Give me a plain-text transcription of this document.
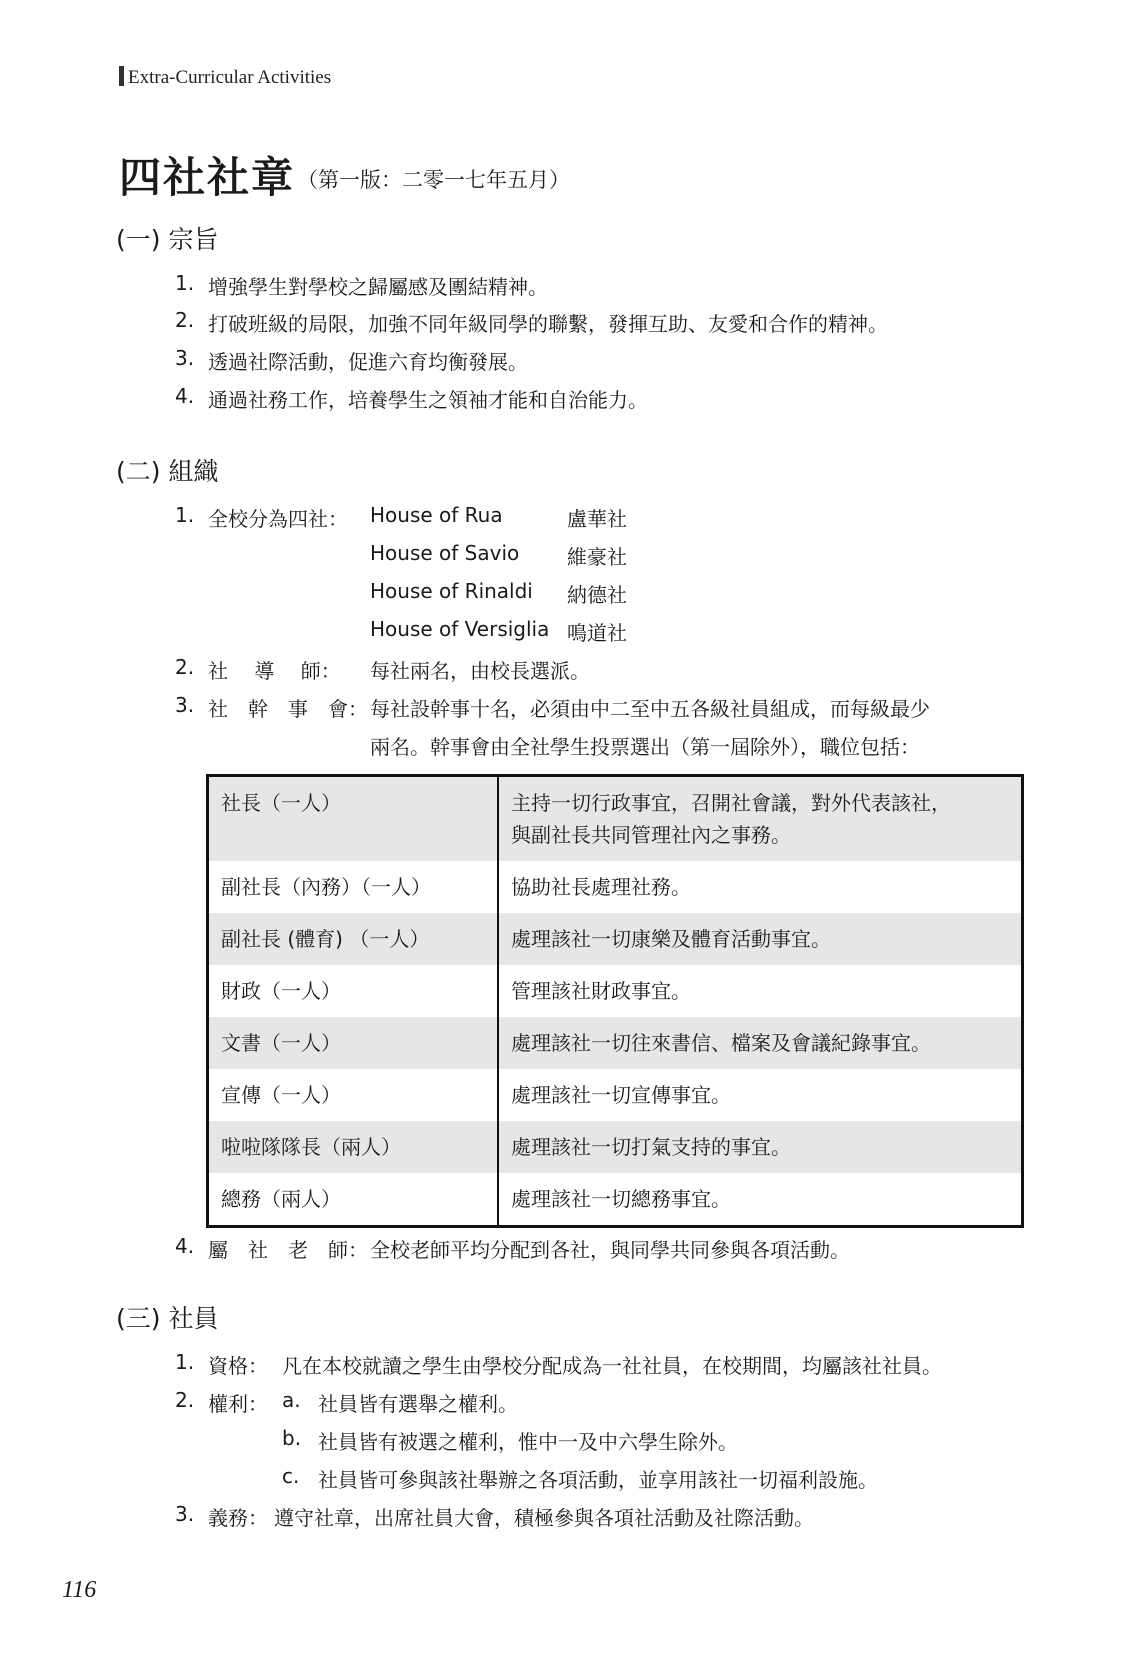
Extra-Curricular Activities
四社社章 （第一版：二零一七年五月）
(一) 宗旨
1. 增強學生對學校之歸屬感及團結精神。
2. 打破班級的局限，加強不同年級同學的聯繫，發揮互助、友愛和合作的精神。
3. 透過社際活動，促進六育均衡發展。
4. 通過社務工作，培養學生之領袖才能和自治能力。
(二) 組織
1. 全校分為四社： House of Rua	盧華社
House of Savio 維豪社
House of Rinaldi 納德社
House of Versiglia 鳴道社
2. 社　 導　 師： 每社兩名，由校長選派。
3. 社　幹　事　會： 每社設幹事十名，必須由中二至中五各級社員組成，而每級最少
兩名。幹事會由全社學生投票選出（第一屆除外），職位包括：
社長（一人）	主持一切行政事宜，召開社會議，對外代表該社，
與副社長共同管理社內之事務。

副社長（內務）（一人）	協助社長處理社務。
副社長 (體育) （一人）	處理該社一切康樂及體育活動事宜。
財政（一人）	管理該社財政事宜。
文書（一人）	處理該社一切往來書信、檔案及會議紀錄事宜。
宣傳（一人）	處理該社一切宣傳事宜。
啦啦隊隊長（兩人）	處理該社一切打氣支持的事宜。
總務（兩人）	處理該社一切總務事宜。
4. 屬　社　老　師： 全校老師平均分配到各社，與同學共同參與各項活動。
(三) 社員
1. 資格： 凡在本校就讀之學生由學校分配成為一社社員，在校期間，均屬該社社員。
2. 權利： a. 社員皆有選舉之權利。
b. 社員皆有被選之權利，惟中一及中六學生除外。
c. 社員皆可參與該社舉辦之各項活動，並享用該社一切福利設施。
3. 義務： 遵守社章，出席社員大會，積極參與各項社活動及社際活動。
116
